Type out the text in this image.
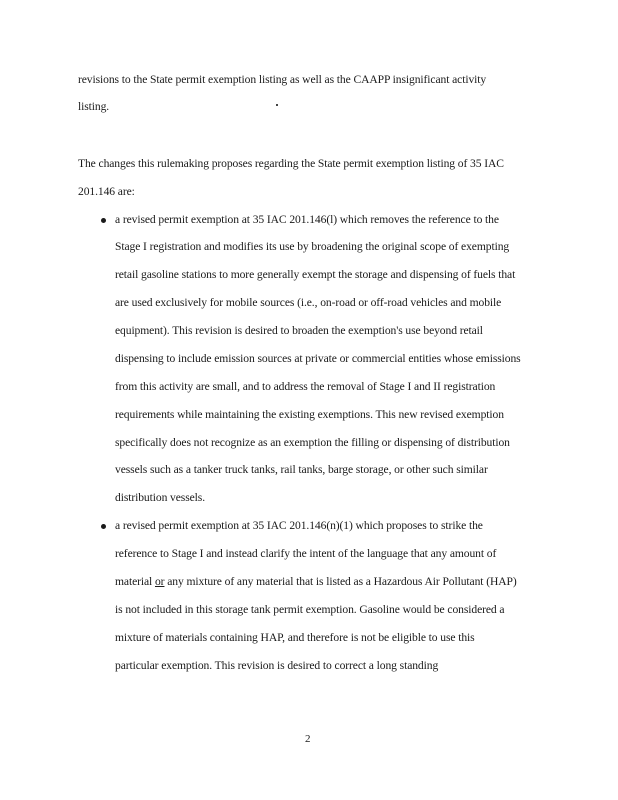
revisions to the State permit exemption listing as well as the CAAPP insignificant activity
listing.
The changes this rulemaking proposes regarding the State permit exemption listing of 35 IAC
201.146 are:
a revised permit exemption at 35 IAC 201.146(l) which removes the reference to the
Stage I registration and modifies its use by broadening the original scope of exempting
retail gasoline stations to more generally exempt the storage and dispensing of fuels that
are used exclusively for mobile sources (i.e., on-road or off-road vehicles and mobile
equipment). This revision is desired to broaden the exemption's use beyond retail
dispensing to include emission sources at private or commercial entities whose emissions
from this activity are small, and to address the removal of Stage I and II registration
requirements while maintaining the existing exemptions. This new revised exemption
specifically does not recognize as an exemption the filling or dispensing of distribution
vessels such as a tanker truck tanks, rail tanks, barge storage, or other such similar
distribution vessels.
a revised permit exemption at 35 IAC 201.146(n)(1) which proposes to strike the
reference to Stage I and instead clarify the intent of the language that any amount of
material or any mixture of any material that is listed as a Hazardous Air Pollutant (HAP)
is not included in this storage tank permit exemption. Gasoline would be considered a
mixture of materials containing HAP, and therefore is not be eligible to use this
particular exemption. This revision is desired to correct a long standing
2
